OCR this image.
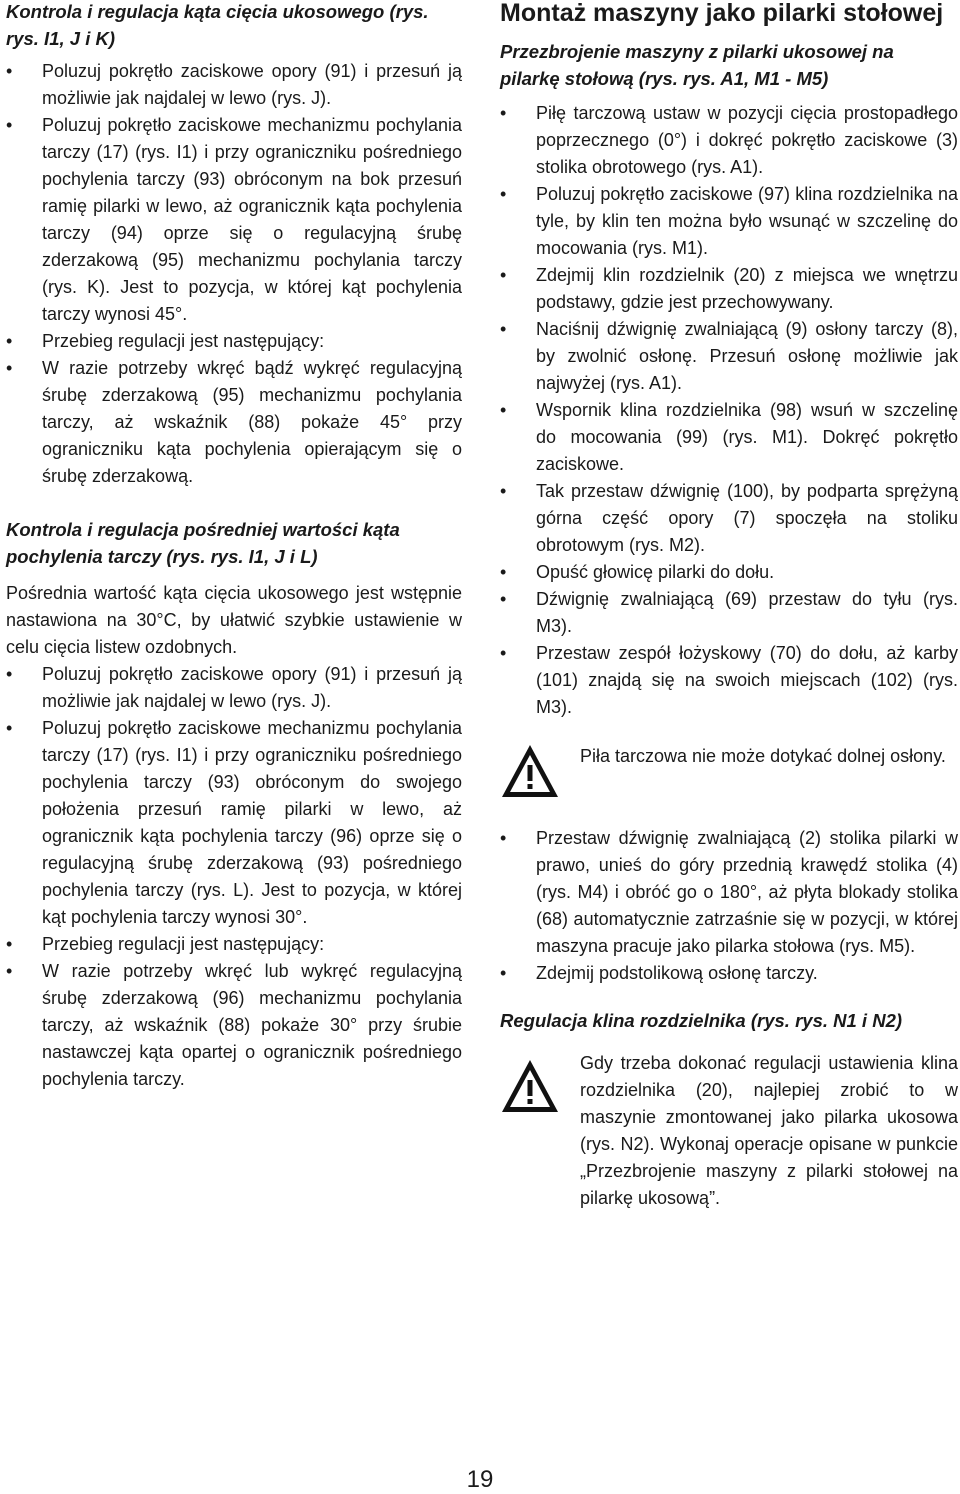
Kontrola i regulacja kąta cięcia ukosowego (rys. rys. I1, J i K)
• Poluzuj pokrętło zaciskowe opory (91) i przesuń ją możliwie jak najdalej w lewo (rys. J).
• Poluzuj pokrętło zaciskowe mechanizmu pochylania tarczy (17) (rys. I1) i przy ograniczniku pośredniego pochylenia tarczy (93) obróconym na bok przesuń ramię pilarki w lewo, aż ogranicznik kąta pochylenia tarczy (94) oprze się o regulacyjną śrubę zderzakową (95) mechanizmu pochylania tarczy (rys. K). Jest to pozycja, w której kąt pochylenia tarczy wynosi 45°.
• Przebieg regulacji jest następujący:
• W razie potrzeby wkręć bądź wykręć regulacyjną śrubę zderzakową (95) mechanizmu pochylania tarczy, aż wskaźnik (88) pokaże 45° przy ograniczniku kąta pochylenia opierającym się o śrubę zderzakową.
Kontrola i regulacja pośredniej wartości kąta pochylenia tarczy (rys. rys. I1, J i L)

Pośrednia wartość kąta cięcia ukosowego jest wstępnie nastawiona na 30°C, by ułatwić szybkie ustawienie w celu cięcia listew ozdobnych.

• Poluzuj pokrętło zaciskowe opory (91) i przesuń ją możliwie jak najdalej w lewo (rys. J).
• Poluzuj pokrętło zaciskowe mechanizmu pochylania tarczy (17) (rys. I1) i przy ograniczniku pośredniego pochylenia tarczy (93) obróconym do swojego położenia przesuń ramię pilarki w lewo, aż ogranicznik kąta pochylenia tarczy (96) oprze się o regulacyjną śrubę zderzakową (93) pośredniego pochylenia tarczy (rys. L). Jest to pozycja, w której kąt pochylenia tarczy wynosi 30°.
• Przebieg regulacji jest następujący:
• W razie potrzeby wkręć lub wykręć regulacyjną śrubę zderzakową (96) mechanizmu pochylania tarczy, aż wskaźnik (88) pokaże 30° przy śrubie nastawczej kąta opartej o ogranicznik pośredniego pochylenia tarczy.
Montaż maszyny jako pilarki stołowej
Przezbrojenie maszyny z pilarki ukosowej na pilarkę stołową (rys. rys. A1, M1 - M5)
• Piłę tarczową ustaw w pozycji cięcia prostopadłego poprzecznego (0°) i dokręć pokrętło zaciskowe (3) stolika obrotowego (rys. A1).
• Poluzuj pokrętło zaciskowe (97) klina rozdzielnika na tyle, by klin ten można było wsunąć w szczelinę do mocowania (rys. M1).
• Zdejmij klin rozdzielnik (20) z miejsca we wnętrzu podstawy, gdzie jest przechowywany.
• Naciśnij dźwignię zwalniającą (9) osłony tarczy (8), by zwolnić osłonę. Przesuń osłonę możliwie jak najwyżej (rys. A1).
• Wspornik klina rozdzielnika (98) wsuń w szczelinę do mocowania (99) (rys. M1). Dokręć pokrętło zaciskowe.
• Tak przestaw dźwignię (100), by podparta sprężyną górna część opory (7) spoczęła na stoliku obrotowym (rys. M2).
• Opuść głowicę pilarki do dołu.
• Dźwignię zwalniającą (69) przestaw do tyłu (rys. M3).
• Przestaw zespół łożyskowy (70) do dołu, aż karby (101) znajdą się na swoich miejscach (102) (rys. M3).
Piła tarczowa nie może dotykać dolnej osłony.
• Przestaw dźwignię zwalniającą (2) stolika pilarki w prawo, unieś do góry przednią krawędź stolika (4) (rys. M4) i obróć go o 180°, aż płyta blokady stolika (68) automatycznie zatrzaśnie się w pozycji, w której maszyna pracuje jako pilarka stołowa (rys. M5).
• Zdejmij podstolikową osłonę tarczy.
Regulacja klina rozdzielnika (rys. rys. N1 i N2)
Gdy trzeba dokonać regulacji ustawienia klina rozdzielnika (20), najlepiej zrobić to w maszynie zmontowanej jako pilarka ukosowa (rys. N2). Wykonaj operacje opisane w punkcie „Przezbrojenie maszyny z pilarki stołowej na pilarkę ukosową”.
19
